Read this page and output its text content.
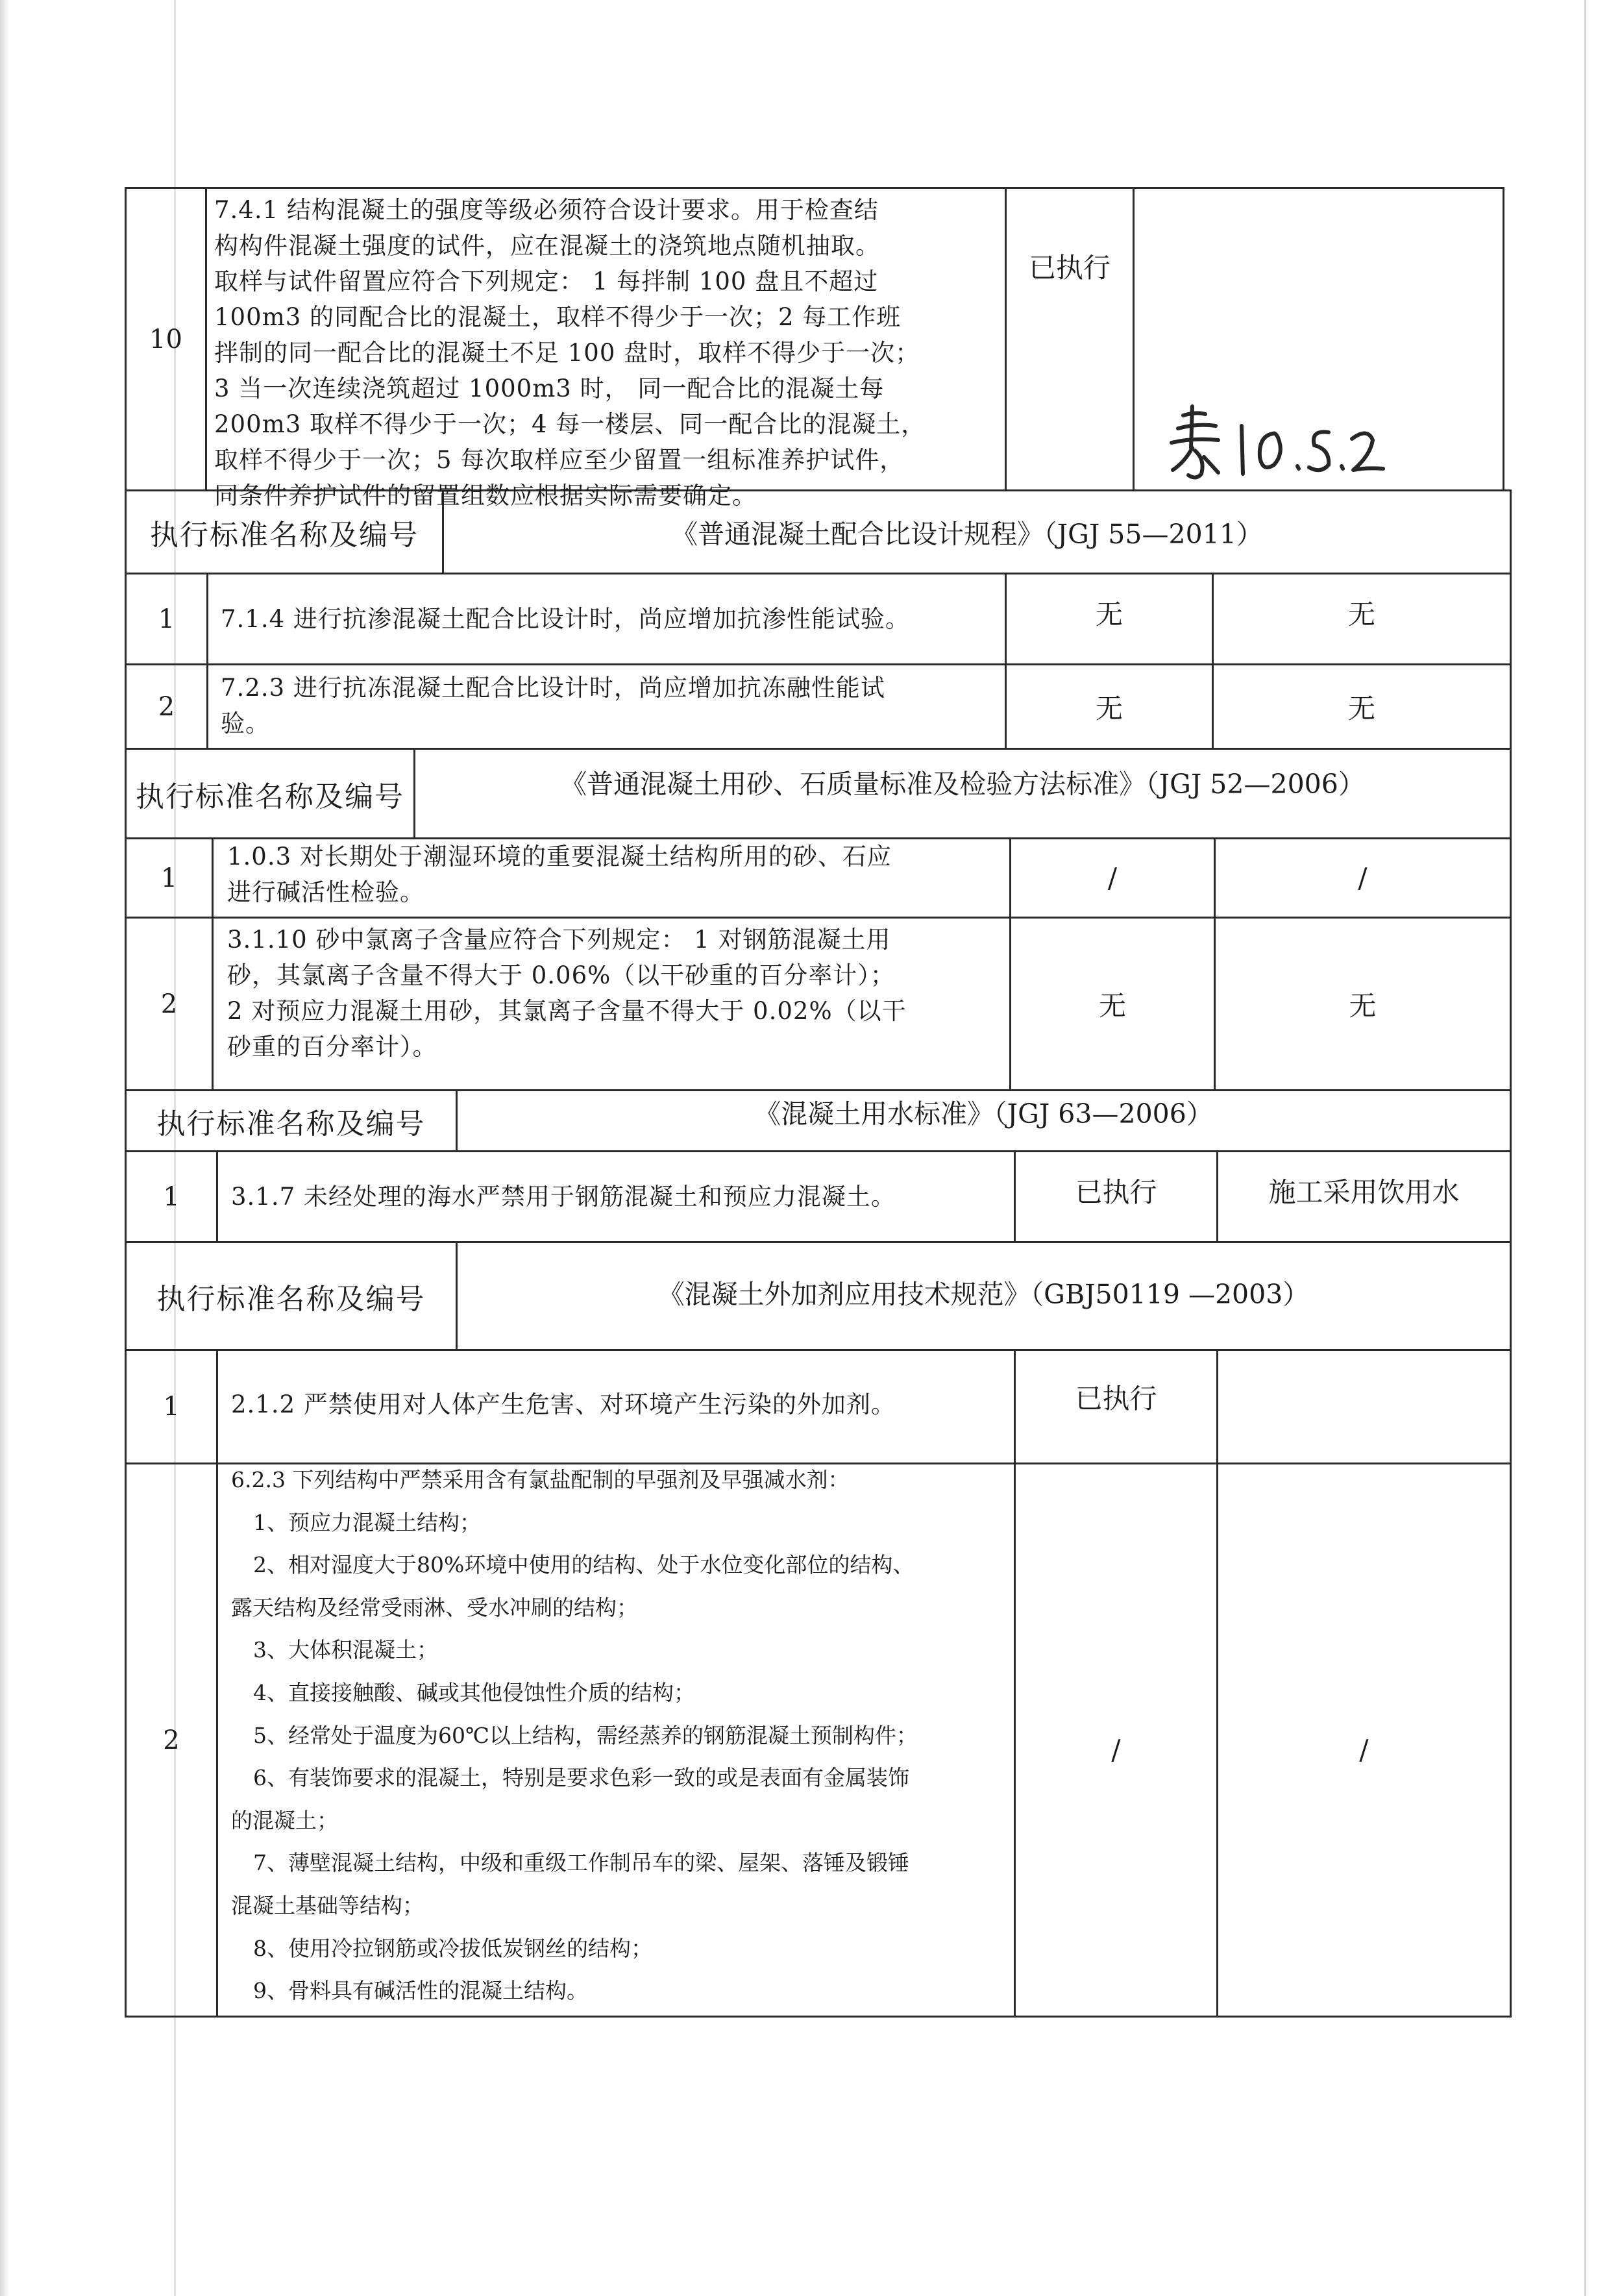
10
7.4.1 结构混凝土的强度等级必须符合设计要求。用于检查结
构构件混凝土强度的试件，应在混凝土的浇筑地点随机抽取。
取样与试件留置应符合下列规定： 1 每拌制 100 盘且不超过
100m3 的同配合比的混凝土，取样不得少于一次；2 每工作班
拌制的同一配合比的混凝土不足 100 盘时，取样不得少于一次；
3 当一次连续浇筑超过 1000m3 时， 同一配合比的混凝土每
200m3 取样不得少于一次；4 每一楼层、同一配合比的混凝土，
取样不得少于一次；5 每次取样应至少留置一组标准养护试件，
同条件养护试件的留置组数应根据实际需要确定。
已执行
执行标准名称及编号	《普通混凝土配合比设计规程》（JGJ 55—2011）
1	7.1.4 进行抗渗混凝土配合比设计时，尚应增加抗渗性能试验。	无	无
2
7.2.3 进行抗冻混凝土配合比设计时，尚应增加抗冻融性能试
验。	无	无
执行标准名称及编号	《普通混凝土用砂、石质量标准及检验方法标准》（JGJ 52—2006）
1
1.0.3 对长期处于潮湿环境的重要混凝土结构所用的砂、石应
进行碱活性检验。	/	/
2
3.1.10 砂中氯离子含量应符合下列规定： 1 对钢筋混凝土用
砂，其氯离子含量不得大于 0.06%（以干砂重的百分率计）；
2 对预应力混凝土用砂，其氯离子含量不得大于 0.02%（以干
砂重的百分率计）。
无	无
执行标准名称及编号	《混凝土用水标准》（JGJ 63—2006）
1	3.1.7 未经处理的海水严禁用于钢筋混凝土和预应力混凝土。	已执行	施工采用饮用水
执行标准名称及编号	《混凝土外加剂应用技术规范》（GBJ50119 —2003）
1	2.1.2 严禁使用对人体产生危害、对环境产生污染的外加剂。	已执行
2
6.2.3 下列结构中严禁采用含有氯盐配制的早强剂及早强减水剂：
1、预应力混凝土结构；
2、相对湿度大于80%环境中使用的结构、处于水位变化部位的结构、
露天结构及经常受雨淋、受水冲刷的结构；
3、大体积混凝土；
4、直接接触酸、碱或其他侵蚀性介质的结构；
5、经常处于温度为60℃以上结构，需经蒸养的钢筋混凝土预制构件；
6、有装饰要求的混凝土，特别是要求色彩一致的或是表面有金属装饰
的混凝土；
7、薄壁混凝土结构，中级和重级工作制吊车的梁、屋架、落锤及锻锤
混凝土基础等结构；
8、使用冷拉钢筋或冷拔低炭钢丝的结构；
9、骨料具有碱活性的混凝土结构。
/	/
